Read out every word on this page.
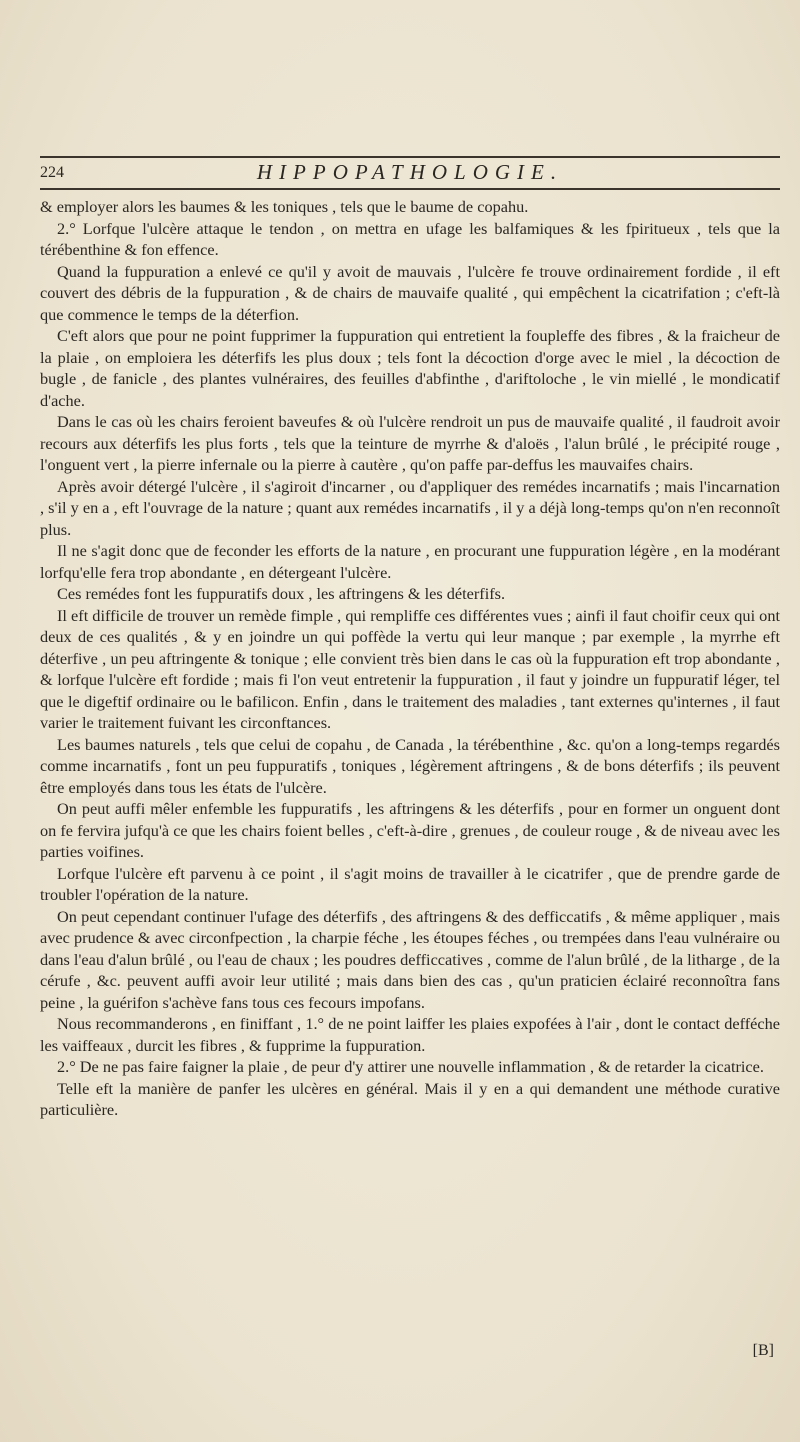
224	HIPPOPATHOLOGIE.

& employer alors les baumes & les toniques , tels que le baume de copahu.

2.° Lorfque l'ulcère attaque le tendon , on mettra en ufage les balfamiques & les fpiritueux , tels que la térébenthine & fon effence.

Quand la fuppuration a enlevé ce qu'il y avoit de mauvais , l'ulcère fe trouve ordinairement fordide , il eft couvert des débris de la fuppuration , & de chairs de mauvaife qualité , qui empêchent la cicatrifation ; c'eft-là que commence le temps de la déterfion.

C'eft alors que pour ne point fupprimer la fuppuration qui entretient la foupleffe des fibres , & la fraicheur de la plaie , on emploiera les déterfifs les plus doux ; tels font la décoction d'orge avec le miel , la décoction de bugle , de fanicle , des plantes vulnéraires, des feuilles d'abfinthe , d'ariftoloche , le vin miellé , le mondicatif d'ache.

Dans le cas où les chairs feroient baveufes & où l'ulcère rendroit un pus de mauvaife qualité , il faudroit avoir recours aux déterfifs les plus forts , tels que la teinture de myrrhe & d'aloës , l'alun brûlé , le précipité rouge , l'onguent vert , la pierre infernale ou la pierre à cautère , qu'on paffe par-deffus les mauvaifes chairs.

Après avoir détergé l'ulcère , il s'agiroit d'incarner , ou d'appliquer des remédes incarnatifs ; mais l'incarnation , s'il y en a , eft l'ouvrage de la nature ; quant aux remédes incarnatifs , il y a déjà long-temps qu'on n'en reconnoît plus.

Il ne s'agit donc que de feconder les efforts de la nature , en procurant une fuppuration légère , en la modérant lorfqu'elle fera trop abondante , en détergeant l'ulcère.

Ces remédes font les fuppuratifs doux , les aftringens & les déterfifs.

Il eft difficile de trouver un remède fimple , qui rempliffe ces différentes vues ; ainfi il faut choifir ceux qui ont deux de ces qualités , & y en joindre un qui poffède la vertu qui leur manque ; par exemple , la myrrhe eft déterfive , un peu aftringente & tonique ; elle convient très bien dans le cas où la fuppuration eft trop abondante , & lorfque l'ulcère eft fordide ; mais fi l'on veut entretenir la fuppuration , il faut y joindre un fuppuratif léger, tel que le digeftif ordinaire ou le bafilicon. Enfin , dans le traitement des maladies , tant externes qu'internes , il faut varier le traitement fuivant les circonftances.

Les baumes naturels , tels que celui de copahu , de Canada , la térébenthine , &c. qu'on a long-temps regardés comme incarnatifs , font un peu fuppuratifs , toniques , légèrement aftringens , & de bons déterfifs ; ils peuvent être employés dans tous les états de l'ulcère.

On peut auffi mêler enfemble les fuppuratifs , les aftringens & les déterfifs , pour en former un onguent dont on fe fervira jufqu'à ce que les chairs foient belles , c'eft-à-dire , grenues , de couleur rouge , & de niveau avec les parties voifines.

Lorfque l'ulcère eft parvenu à ce point , il s'agit moins de travailler à le cicatrifer , que de prendre garde de troubler l'opération de la nature.

On peut cependant continuer l'ufage des déterfifs , des aftringens & des defficcatifs , & même appliquer , mais avec prudence & avec circonfpection , la charpie féche , les étoupes féches , ou trempées dans l'eau vulnéraire ou dans l'eau d'alun brûlé , ou l'eau de chaux ; les poudres defficcatives , comme de l'alun brûlé , de la litharge , de la cérufe , &c. peuvent auffi avoir leur utilité ; mais dans bien des cas , qu'un praticien éclairé reconnoîtra fans peine , la guérifon s'achève fans tous ces fecours impofans.

Nous recommanderons , en finiffant , 1.° de ne point laiffer les plaies expofées à l'air , dont le contact defféche les vaiffeaux , durcit les fibres , & fupprime la fuppuration.

2.° De ne pas faire faigner la plaie , de peur d'y attirer une nouvelle inflammation , & de retarder la cicatrice.

Telle eft la manière de panfer les ulcères en général. Mais il y en a qui demandent une méthode curative particulière.

[B]
